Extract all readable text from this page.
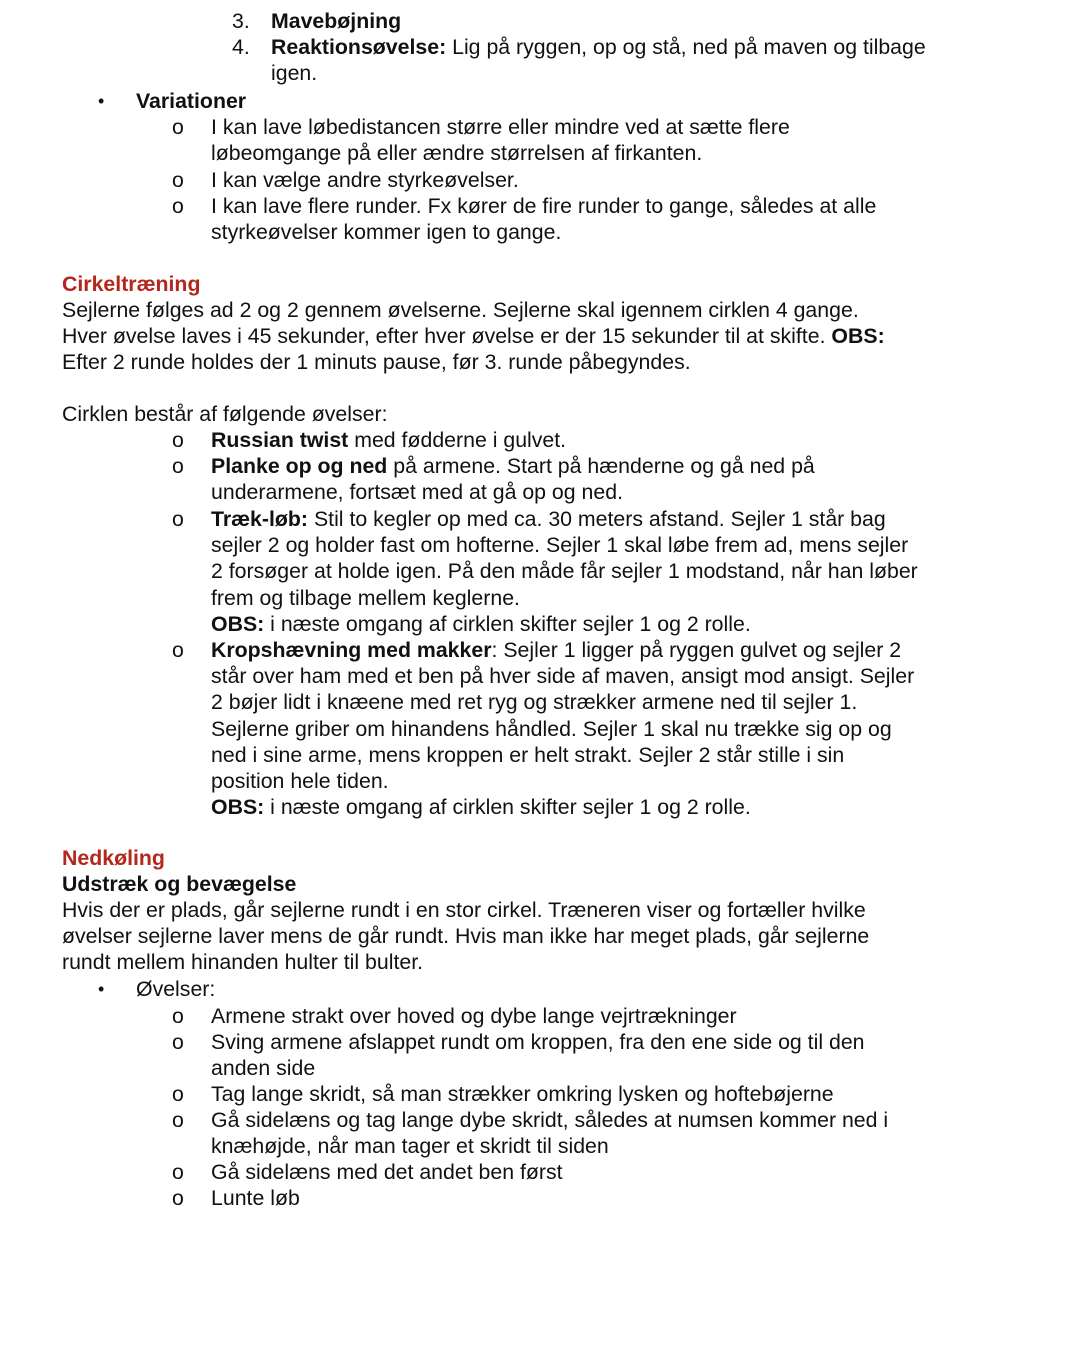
3. Mavebøjning
4. Reaktionsøvelse: Lig på ryggen, op og stå, ned på maven og tilbage
igen.
•	Variationer
o I kan lave løbedistancen større eller mindre ved at sætte flere
løbeomgange på eller ændre størrelsen af firkanten.
o I kan vælge andre styrkeøvelser.
o I kan lave flere runder. Fx kører de fire runder to gange, således at alle
styrkeøvelser kommer igen to gange.
Cirkeltræning
Sejlerne følges ad 2 og 2 gennem øvelserne. Sejlerne skal igennem cirklen 4 gange.
Hver øvelse laves i 45 sekunder, efter hver øvelse er der 15 sekunder til at skifte. OBS:
Efter 2 runde holdes der 1 minuts pause, før 3. runde påbegyndes.
Cirklen består af følgende øvelser:
o Russian twist med fødderne i gulvet.
o Planke op og ned på armene. Start på hænderne og gå ned på
underarmene, fortsæt med at gå op og ned.
o Træk-løb: Stil to kegler op med ca. 30 meters afstand. Sejler 1 står bag
sejler 2 og holder fast om hofterne. Sejler 1 skal løbe frem ad, mens sejler
2 forsøger at holde igen. På den måde får sejler 1 modstand, når han løber
frem og tilbage mellem keglerne.
OBS: i næste omgang af cirklen skifter sejler 1 og 2 rolle.
o Kropshævning med makker: Sejler 1 ligger på ryggen gulvet og sejler 2
står over ham med et ben på hver side af maven, ansigt mod ansigt. Sejler
2 bøjer lidt i knæene med ret ryg og strækker armene ned til sejler 1.
Sejlerne griber om hinandens håndled. Sejler 1 skal nu trække sig op og
ned i sine arme, mens kroppen er helt strakt. Sejler 2 står stille i sin
position hele tiden.
OBS: i næste omgang af cirklen skifter sejler 1 og 2 rolle.
Nedkøling
Udstræk og bevægelse
Hvis der er plads, går sejlerne rundt i en stor cirkel. Træneren viser og fortæller hvilke
øvelser sejlerne laver mens de går rundt. Hvis man ikke har meget plads, går sejlerne
rundt mellem hinanden hulter til bulter.
•	Øvelser:
o Armene strakt over hoved og dybe lange vejrtrækninger
o Sving armene afslappet rundt om kroppen, fra den ene side og til den
anden side
o Tag lange skridt, så man strækker omkring lysken og hoftebøjerne
o Gå sidelæns og tag lange dybe skridt, således at numsen kommer ned i
knæhøjde, når man tager et skridt til siden
o Gå sidelæns med det andet ben først
o Lunte løb
